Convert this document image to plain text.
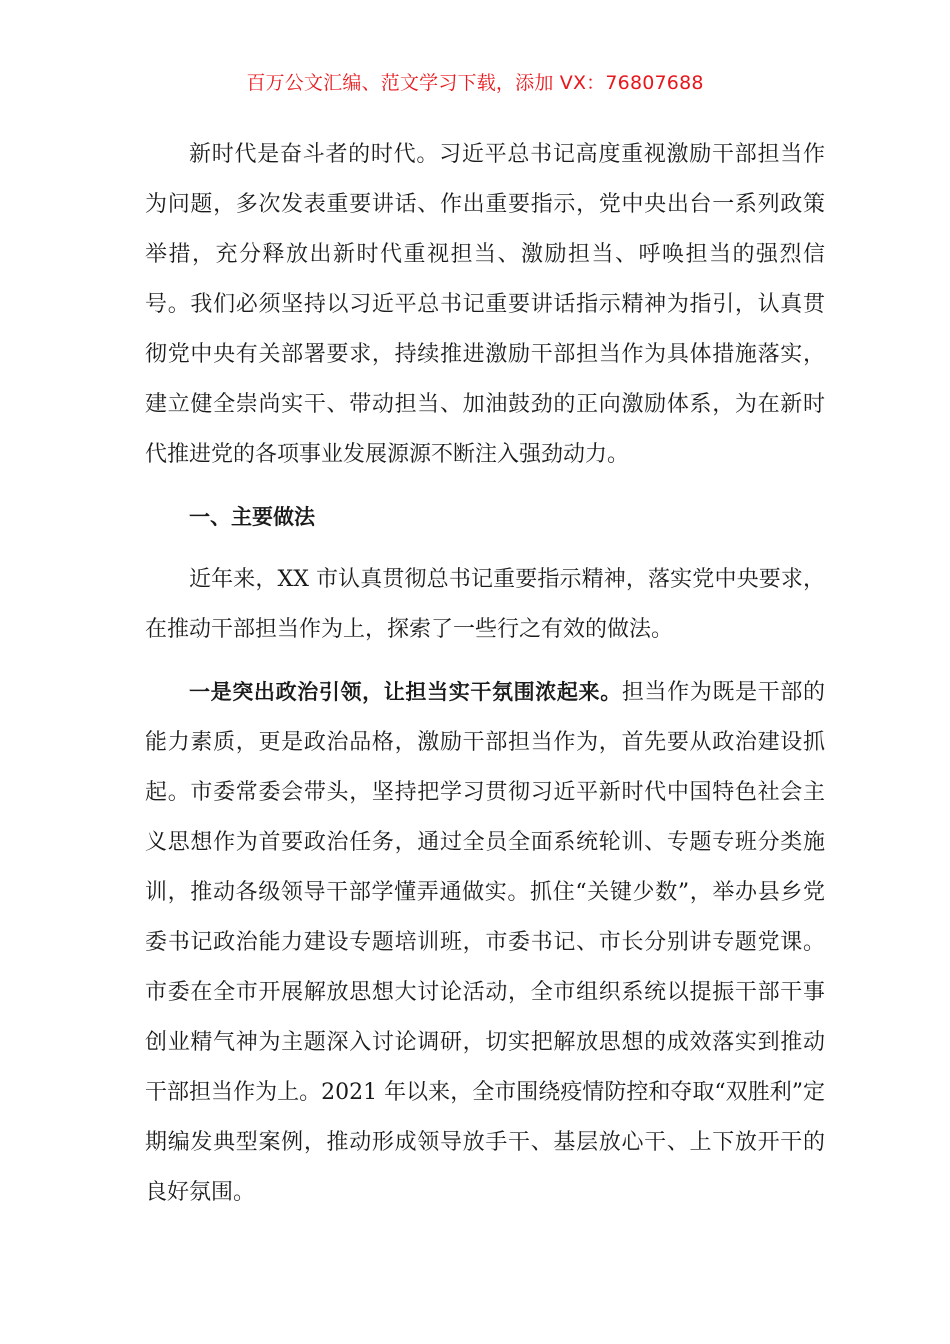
百万公文汇编、范文学习下载，添加 VX：76807688

新时代是奋斗者的时代。习近平总书记高度重视激励干部担当作为问题，多次发表重要讲话、作出重要指示，党中央出台一系列政策举措，充分释放出新时代重视担当、激励担当、呼唤担当的强烈信号。我们必须坚持以习近平总书记重要讲话指示精神为指引，认真贯彻党中央有关部署要求，持续推进激励干部担当作为具体措施落实，建立健全崇尚实干、带动担当、加油鼓劲的正向激励体系，为在新时代推进党的各项事业发展源源不断注入强劲动力。

一、主要做法

近年来，XX 市认真贯彻总书记重要指示精神，落实党中央要求，在推动干部担当作为上，探索了一些行之有效的做法。

一是突出政治引领，让担当实干氛围浓起来。担当作为既是干部的能力素质，更是政治品格，激励干部担当作为，首先要从政治建设抓起。市委常委会带头，坚持把学习贯彻习近平新时代中国特色社会主义思想作为首要政治任务，通过全员全面系统轮训、专题专班分类施训，推动各级领导干部学懂弄通做实。抓住“关键少数”，举办县乡党委书记政治能力建设专题培训班，市委书记、市长分别讲专题党课。市委在全市开展解放思想大讨论活动，全市组织系统以提振干部干事创业精气神为主题深入讨论调研，切实把解放思想的成效落实到推动干部担当作为上。2021 年以来，全市围绕疫情防控和夺取“双胜利”定期编发典型案例，推动形成领导放手干、基层放心干、上下放开干的良好氛围。
